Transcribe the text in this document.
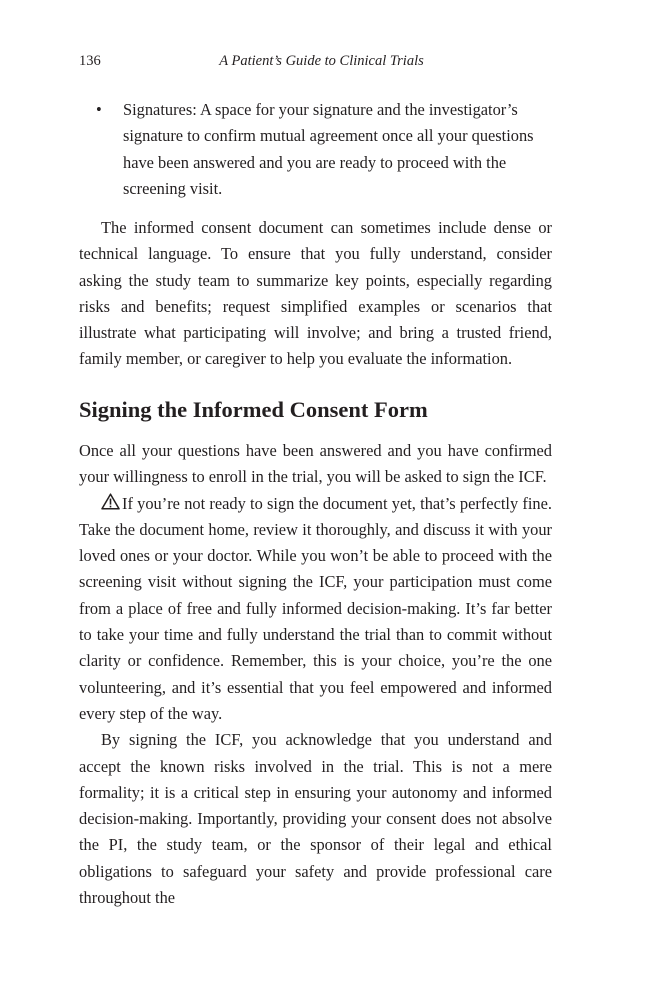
136	A Patient’s Guide to Clinical Trials
• Signatures: A space for your signature and the investigator’s signature to confirm mutual agreement once all your questions have been answered and you are ready to proceed with the screening visit.

The informed consent document can sometimes include dense or technical language. To ensure that you fully understand, consider asking the study team to summarize key points, especially regarding risks and benefits; request simplified examples or scenarios that illustrate what participating will involve; and bring a trusted friend, family member, or caregiver to help you evaluate the information.

Signing the Informed Consent Form

Once all your questions have been answered and you have confirmed your willingness to enroll in the trial, you will be asked to sign the ICF.

If you’re not ready to sign the document yet, that’s perfectly fine. Take the document home, review it thoroughly, and discuss it with your loved ones or your doctor. While you won’t be able to proceed with the screening visit without signing the ICF, your participation must come from a place of free and fully informed decision-making. It’s far better to take your time and fully understand the trial than to commit without clarity or confidence. Remember, this is your choice, you’re the one volunteering, and it’s essential that you feel empowered and informed every step of the way.

By signing the ICF, you acknowledge that you understand and accept the known risks involved in the trial. This is not a mere formality; it is a critical step in ensuring your autonomy and informed decision-making. Importantly, providing your consent does not absolve the PI, the study team, or the sponsor of their legal and ethical obligations to safeguard your safety and provide professional care throughout the
